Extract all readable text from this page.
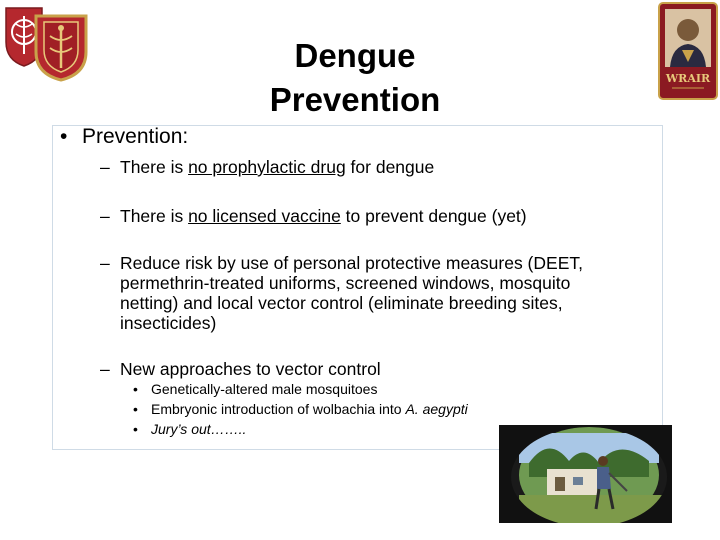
WRAIR
Dengue
Prevention
• Prevention:
– There is no prophylactic drug for dengue
– There is no licensed vaccine to prevent dengue (yet)
– Reduce risk by use of personal protective measures (DEET,
permethrin-treated uniforms, screened windows, mosquito
netting) and local vector control (eliminate breeding sites,
insecticides)
– New approaches to vector control
• Genetically-altered male mosquitoes
• Embryonic introduction of wolbachia into A. aegypti
• Jury’s out……..
